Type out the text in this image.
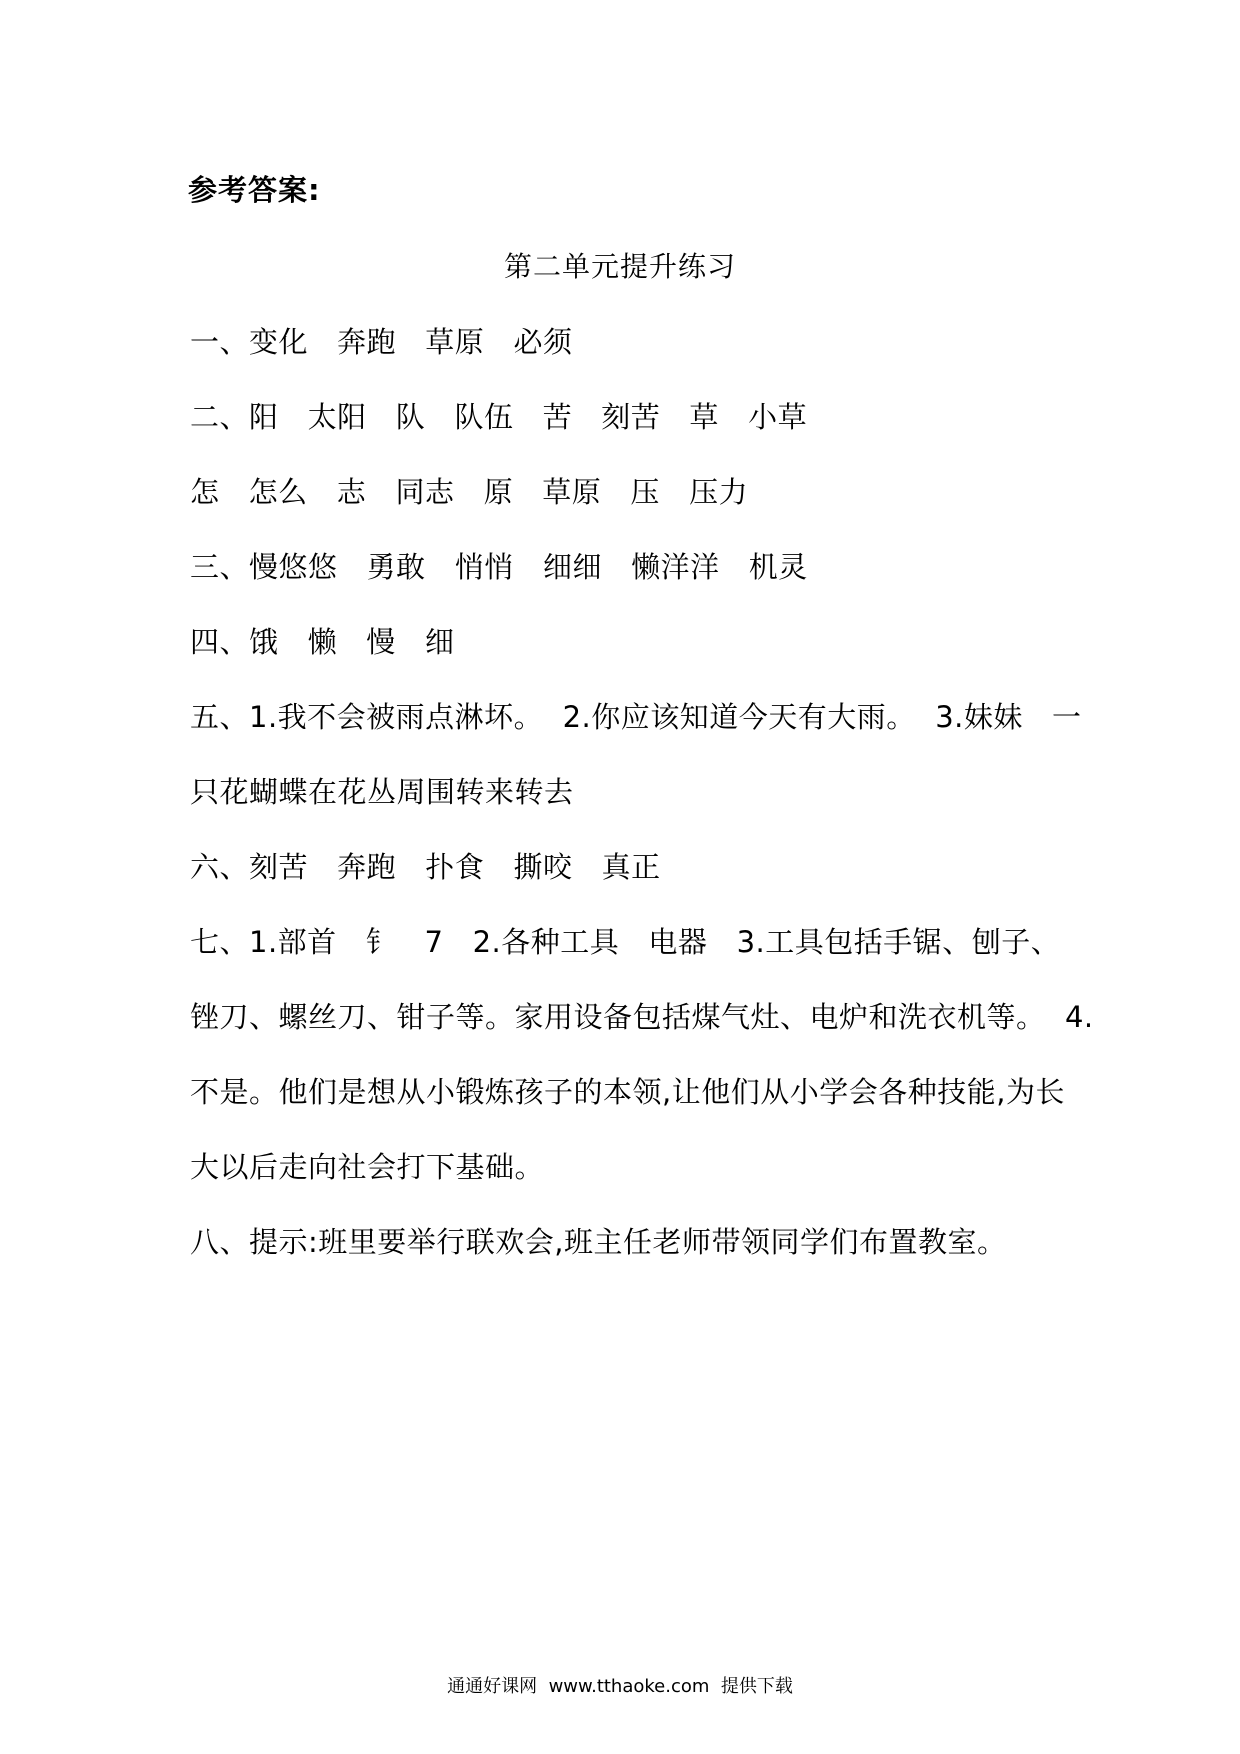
参考答案:
第二单元提升练习
一、变化   奔跑   草原   必须
二、阳   太阳   队   队伍   苦   刻苦   草   小草
怎   怎么   志   同志   原   草原   压   压力
三、慢悠悠   勇敢   悄悄   细细   懒洋洋   机灵
四、饿   懒   慢   细
五、1.我不会被雨点淋坏。  2.你应该知道今天有大雨。  3.妹妹   一
只花蝴蝶在花丛周围转来转去
六、刻苦   奔跑   扑食   撕咬   真正
七、1.部首   钅   7   2.各种工具   电器   3.工具包括手锯、刨子、
锉刀、螺丝刀、钳子等。家用设备包括煤气灶、电炉和洗衣机等。  4.
不是。他们是想从小锻炼孩子的本领,让他们从小学会各种技能,为长
大以后走向社会打下基础。
八、提示:班里要举行联欢会,班主任老师带领同学们布置教室。
通通好课网  www.tthaoke.com  提供下载
